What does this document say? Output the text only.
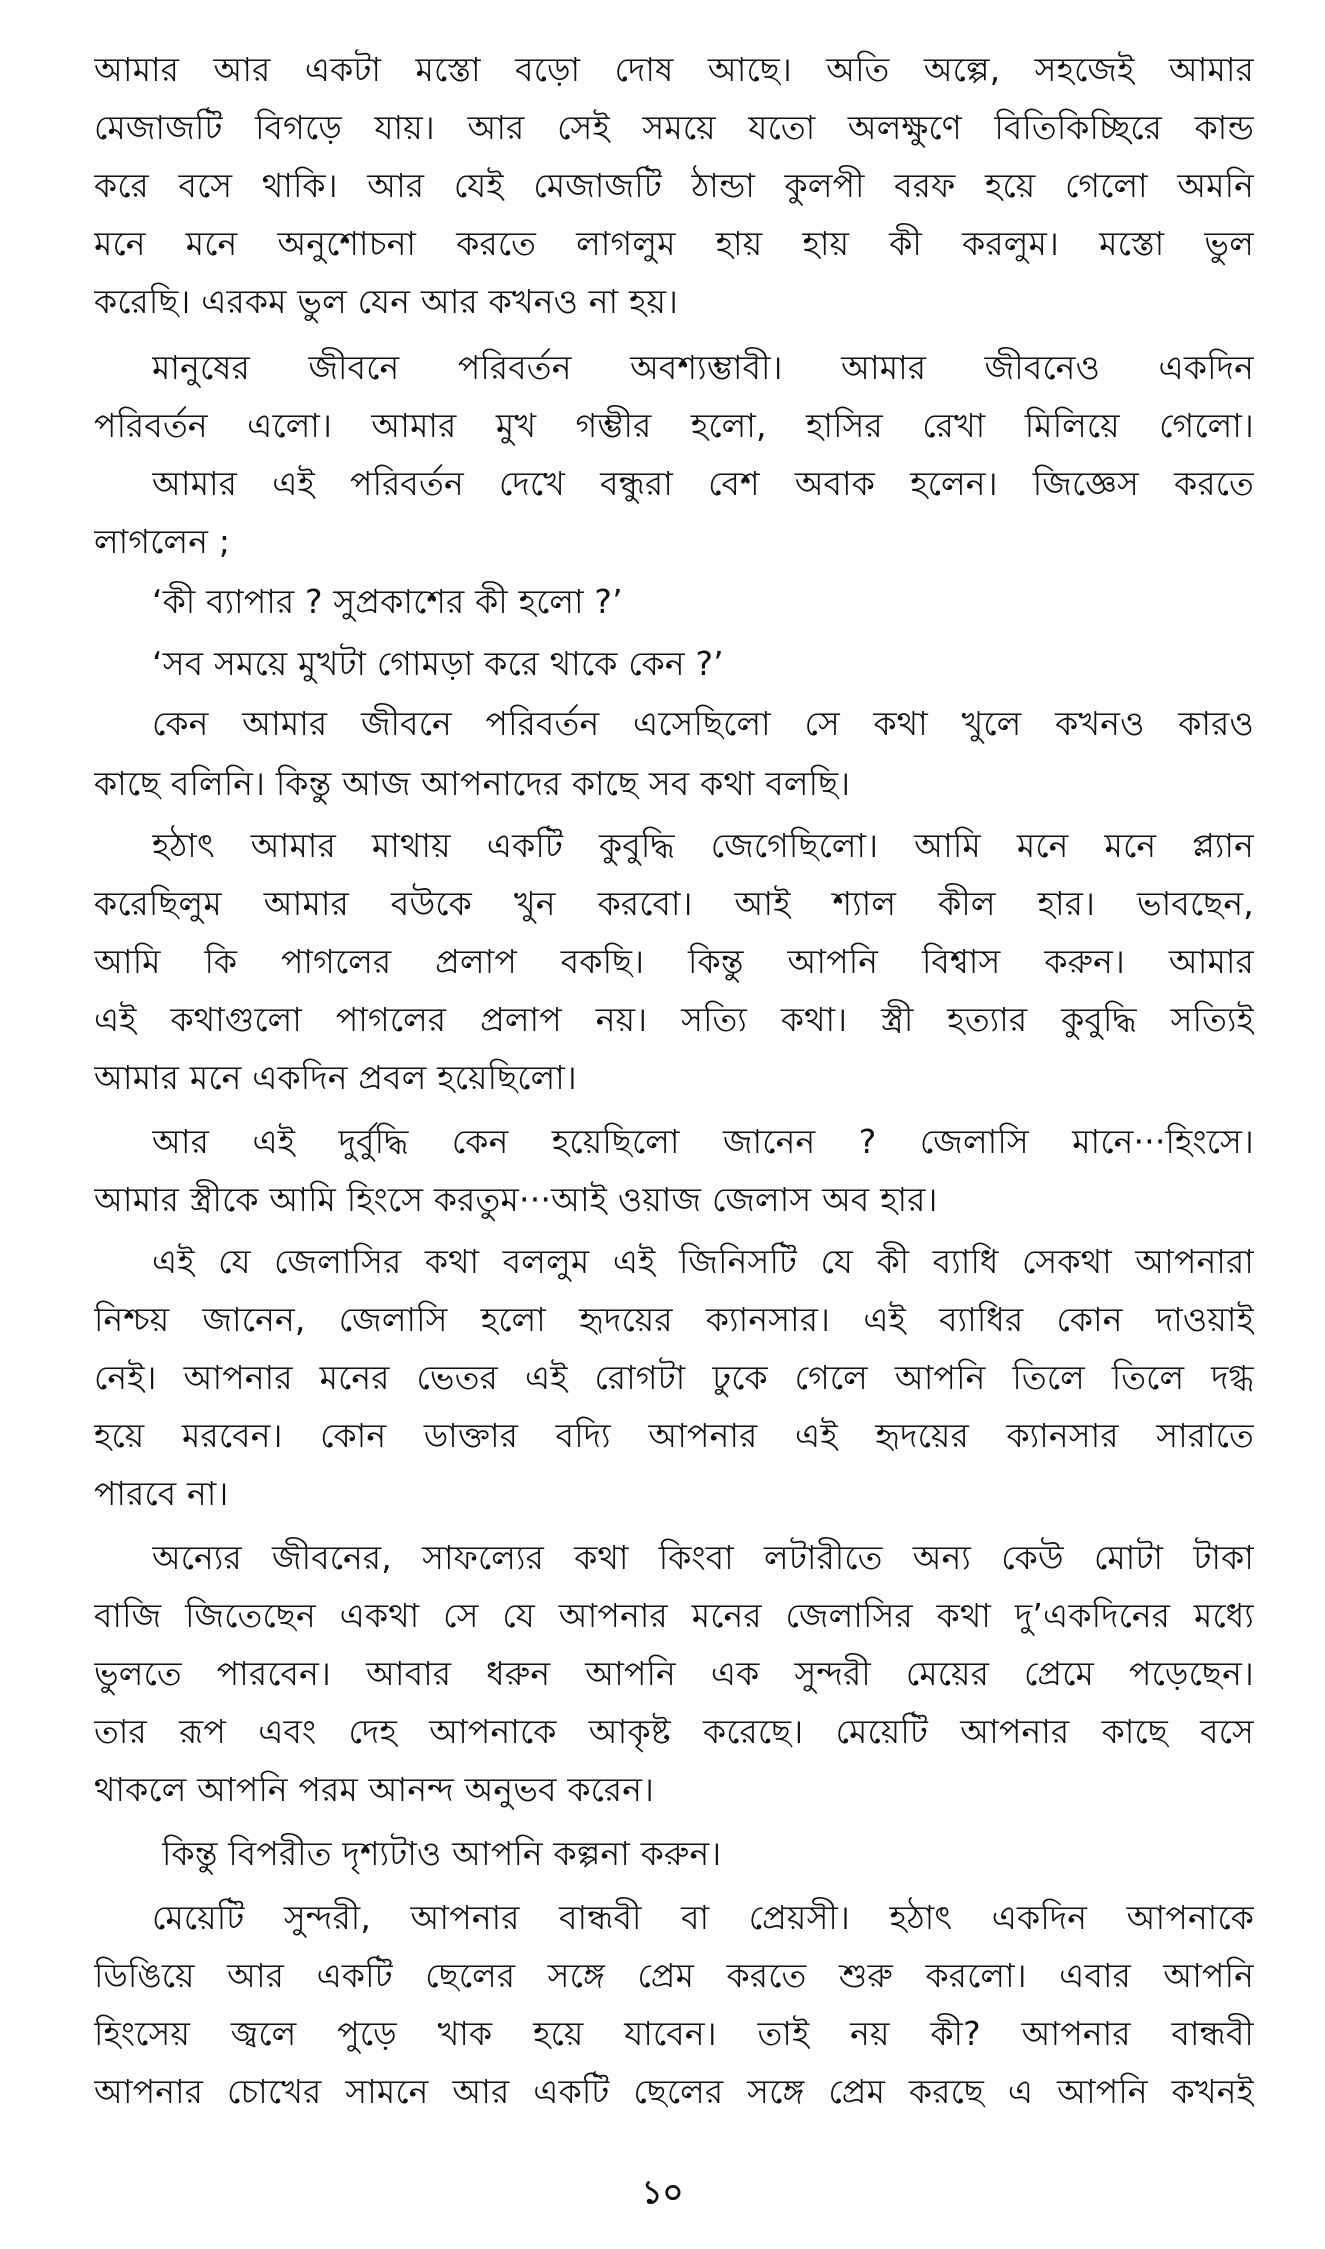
আমার আর একটা মস্তো বড়ো দোষ আছে। অতি অল্পে, সহজেই আমার
মেজাজটি বিগড়ে যায়। আর সেই সময়ে যতো অলক্ষুণে বিতিকিচ্ছিরে কান্ড
করে বসে থাকি। আর যেই মেজাজটি ঠান্ডা কুলপী বরফ হয়ে গেলো অমনি
মনে মনে অনুশোচনা করতে লাগলুম হায় হায় কী করলুম। মস্তো ভুল
করেছি। এরকম ভুল যেন আর কখনও না হয়।
মানুষের জীবনে পরিবর্তন অবশ্যম্ভাবী। আমার জীবনেও একদিন
পরিবর্তন এলো। আমার মুখ গম্ভীর হলো, হাসির রেখা মিলিয়ে গেলো।
আমার এই পরিবর্তন দেখে বন্ধুরা বেশ অবাক হলেন। জিজ্ঞেস করতে
লাগলেন ;
‘কী ব্যাপার ? সুপ্রকাশের কী হলো ?’
‘সব সময়ে মুখটা গোমড়া করে থাকে কেন ?’
কেন আমার জীবনে পরিবর্তন এসেছিলো সে কথা খুলে কখনও কারও
কাছে বলিনি। কিন্তু আজ আপনাদের কাছে সব কথা বলছি।
হঠাৎ আমার মাথায় একটি কুবুদ্ধি জেগেছিলো। আমি মনে মনে প্ল্যান
করেছিলুম আমার বউকে খুন করবো। আই শ্যাল কীল হার। ভাবছেন,
আমি কি পাগলের প্রলাপ বকছি। কিন্তু আপনি বিশ্বাস করুন। আমার
এই কথাগুলো পাগলের প্রলাপ নয়। সত্যি কথা। স্ত্রী হত্যার কুবুদ্ধি সত্যিই
আমার মনে একদিন প্রবল হয়েছিলো।
আর এই দুর্বুদ্ধি কেন হয়েছিলো জানেন ? জেলাসি মানে···হিংসে।
আমার স্ত্রীকে আমি হিংসে করতুম···আই ওয়াজ জেলাস অব হার।
এই যে জেলাসির কথা বললুম এই জিনিসটি যে কী ব্যাধি সেকথা আপনারা
নিশ্চয় জানেন, জেলাসি হলো হৃদয়ের ক্যানসার। এই ব্যাধির কোন দাওয়াই
নেই। আপনার মনের ভেতর এই রোগটা ঢুকে গেলে আপনি তিলে তিলে দগ্ধ
হয়ে মরবেন। কোন ডাক্তার বদ্যি আপনার এই হৃদয়ের ক্যানসার সারাতে
পারবে না।
অন্যের জীবনের, সাফল্যের কথা কিংবা লটারীতে অন্য কেউ মোটা টাকা
বাজি জিতেছেন একথা সে যে আপনার মনের জেলাসির কথা দু’একদিনের মধ্যে
ভুলতে পারবেন। আবার ধরুন আপনি এক সুন্দরী মেয়ের প্রেমে পড়েছেন।
তার রূপ এবং দেহ আপনাকে আকৃষ্ট করেছে। মেয়েটি আপনার কাছে বসে
থাকলে আপনি পরম আনন্দ অনুভব করেন।
কিন্তু বিপরীত দৃশ্যটাও আপনি কল্পনা করুন।
মেয়েটি সুন্দরী, আপনার বান্ধবী বা প্রেয়সী। হঠাৎ একদিন আপনাকে
ডিঙিয়ে আর একটি ছেলের সঙ্গে প্রেম করতে শুরু করলো। এবার আপনি
হিংসেয় জ্বলে পুড়ে খাক হয়ে যাবেন। তাই নয় কী? আপনার বান্ধবী
আপনার চোখের সামনে আর একটি ছেলের সঙ্গে প্রেম করছে এ আপনি কখনই
১০
